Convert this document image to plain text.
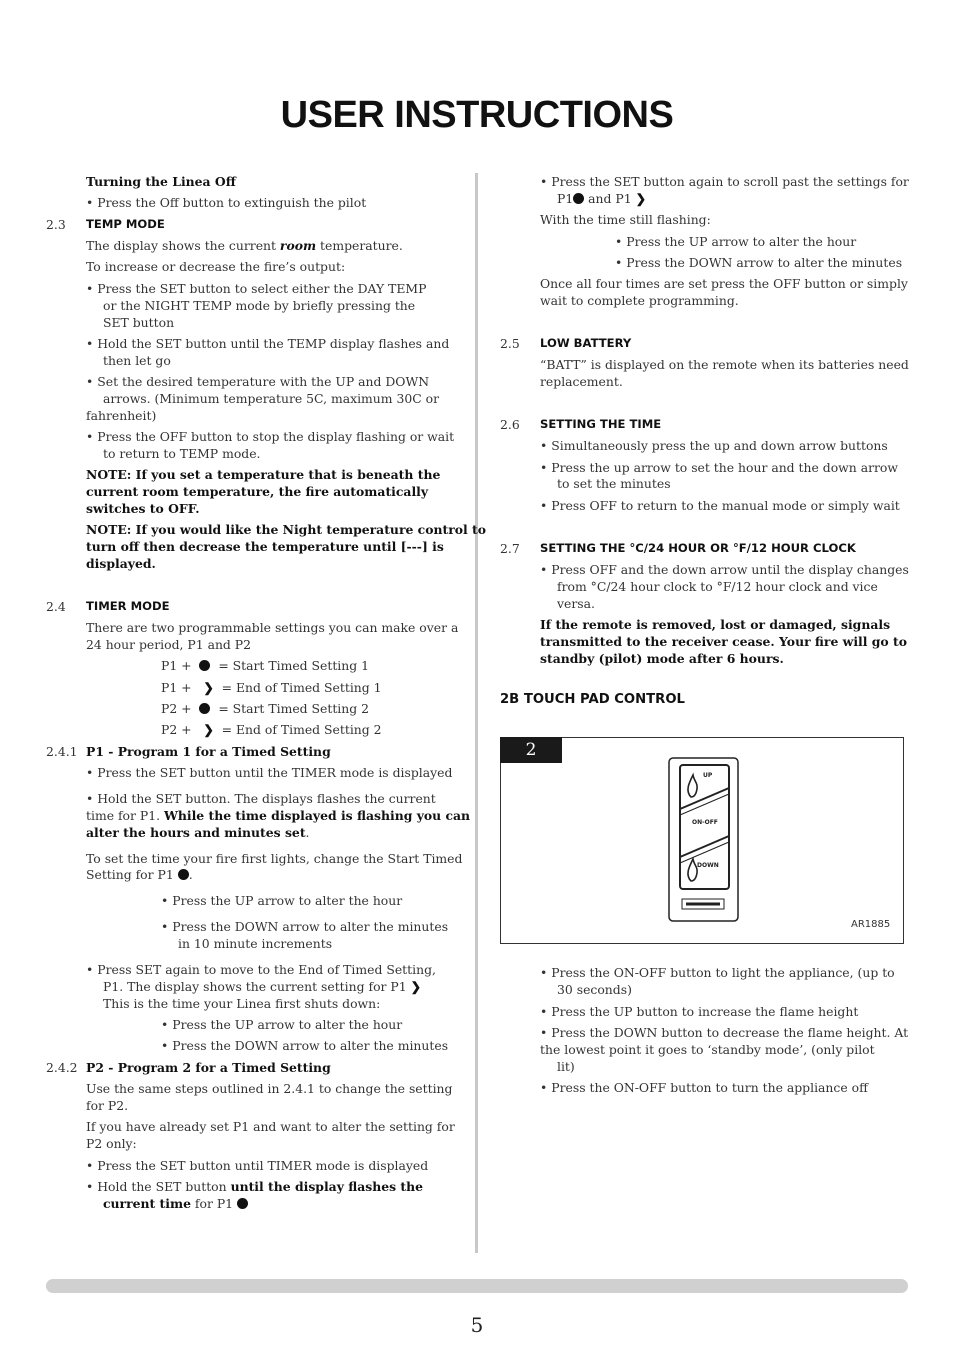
USER INSTRUCTIONS
Turning the Linea Off
• Press the Off button to extinguish the pilot
2.3 TEMP MODE
The display shows the current room temperature.
To increase or decrease the fire’s output:
• Press the SET button to select either the DAY TEMP
or the NIGHT TEMP mode by briefly pressing the
SET button
• Hold the SET button until the TEMP display flashes and
then let go
• Set the desired temperature with the UP and DOWN
arrows. (Minimum temperature 5C, maximum 30C or
fahrenheit)
• Press the OFF button to stop the display flashing or wait
to return to TEMP mode.
NOTE: If you set a temperature that is beneath the
current room temperature, the fire automatically
switches to OFF.
NOTE: If you would like the Night temperature control to
turn off then decrease the temperature until [---] is
displayed.
2.4 TIMER MODE
There are two programmable settings you can make over a
24 hour period, P1 and P2
P1 + = Start Timed Setting 1
P1 + ❯ = End of Timed Setting 1
P2 + = Start Timed Setting 2
P2 + ❯ = End of Timed Setting 2
2.4.1 P1 - Program 1 for a Timed Setting
• Press the SET button until the TIMER mode is displayed
• Hold the SET button. The displays flashes the current
time for P1. While the time displayed is flashing you can
alter the hours and minutes set.
To set the time your fire first lights, change the Start Timed
Setting for P1 .
• Press the UP arrow to alter the hour
• Press the DOWN arrow to alter the minutes
in 10 minute increments
• Press SET again to move to the End of Timed Setting,
P1. The display shows the current setting for P1 ❯
This is the time your Linea first shuts down:
• Press the UP arrow to alter the hour
• Press the DOWN arrow to alter the minutes
2.4.2 P2 - Program 2 for a Timed Setting
Use the same steps outlined in 2.4.1 to change the setting
for P2.
If you have already set P1 and want to alter the setting for
P2 only:
• Press the SET button until TIMER mode is displayed
• Hold the SET button until the display flashes the
current time for P1
• Press the SET button again to scroll past the settings for
P1 and P1 ❯
With the time still flashing:
• Press the UP arrow to alter the hour
• Press the DOWN arrow to alter the minutes
Once all four times are set press the OFF button or simply
wait to complete programming.
2.5 LOW BATTERY
“BATT” is displayed on the remote when its batteries need
replacement.
2.6 SETTING THE TIME
• Simultaneously press the up and down arrow buttons
• Press the up arrow to set the hour and the down arrow
to set the minutes
• Press OFF to return to the manual mode or simply wait
2.7 SETTING THE °C/24 HOUR OR °F/12 HOUR CLOCK
• Press OFF and the down arrow until the display changes
from °C/24 hour clock to °F/12 hour clock and vice
versa.
If the remote is removed, lost or damaged, signals
transmitted to the receiver cease. Your fire will go to
standby (pilot) mode after 6 hours.
2B TOUCH PAD CONTROL
2
UP
ON-OFF
DOWN
AR1885
• Press the ON-OFF button to light the appliance, (up to
30 seconds)
• Press the UP button to increase the flame height
• Press the DOWN button to decrease the flame height. At
the lowest point it goes to ‘standby mode’, (only pilot
lit)
• Press the ON-OFF button to turn the appliance off
5
